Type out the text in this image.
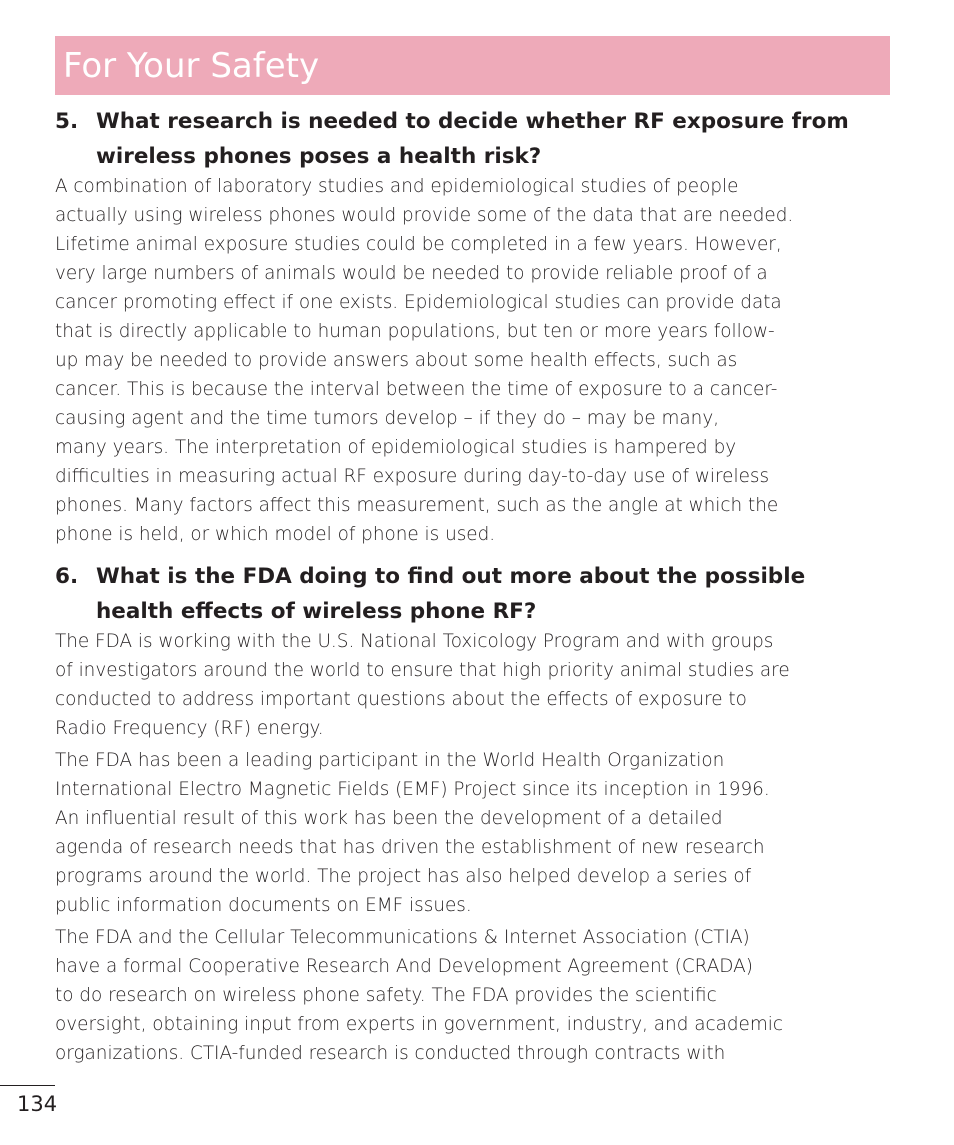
For Your Safety
5. What research is needed to decide whether RF exposure from
wireless phones poses a health risk?

A combination of laboratory studies and epidemiological studies of people
actually using wireless phones would provide some of the data that are needed.
Lifetime animal exposure studies could be completed in a few years. However,
very large numbers of animals would be needed to provide reliable proof of a
cancer promoting effect if one exists. Epidemiological studies can provide data
that is directly applicable to human populations, but ten or more years follow-
up may be needed to provide answers about some health effects, such as
cancer. This is because the interval between the time of exposure to a cancer-
causing agent and the time tumors develop – if they do – may be many,
many years. The interpretation of epidemiological studies is hampered by
difficulties in measuring actual RF exposure during day-to-day use of wireless
phones. Many factors affect this measurement, such as the angle at which the
phone is held, or which model of phone is used.

6. What is the FDA doing to find out more about the possible
health effects of wireless phone RF?

The FDA is working with the U.S. National Toxicology Program and with groups
of investigators around the world to ensure that high priority animal studies are
conducted to address important questions about the effects of exposure to
Radio Frequency (RF) energy.

The FDA has been a leading participant in the World Health Organization
International Electro Magnetic Fields (EMF) Project since its inception in 1996.
An influential result of this work has been the development of a detailed
agenda of research needs that has driven the establishment of new research
programs around the world. The project has also helped develop a series of
public information documents on EMF issues.

The FDA and the Cellular Telecommunications & Internet Association (CTIA)
have a formal Cooperative Research And Development Agreement (CRADA)
to do research on wireless phone safety. The FDA provides the scientific
oversight, obtaining input from experts in government, industry, and academic
organizations. CTIA-funded research is conducted through contracts with

134
